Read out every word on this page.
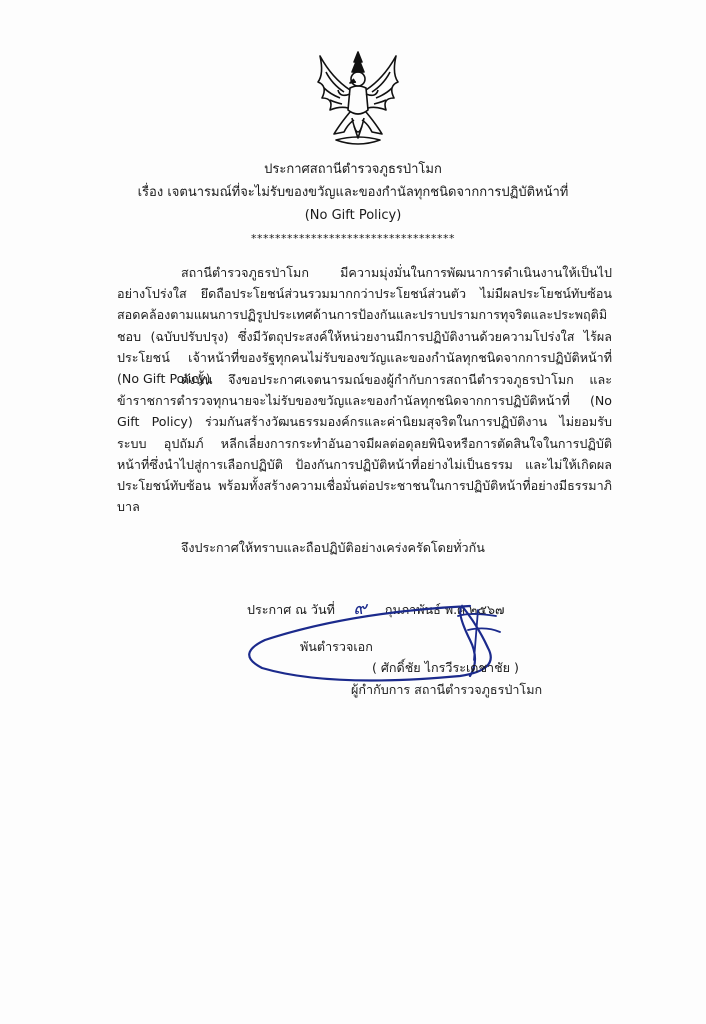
ประกาศสถานีตำรวจภูธรป่าโมก
เรื่อง เจตนารมณ์ที่จะไม่รับของขวัญและของกำนัลทุกชนิดจากการปฏิบัติหน้าที่
(No Gift Policy)
**********************************
สถานีตำรวจภูธรป่าโมก มีความมุ่งมั่นในการพัฒนาการดำเนินงานให้เป็นไปอย่างโปร่งใส ยึดถือประโยชน์ส่วนรวมมากกว่าประโยชน์ส่วนตัว ไม่มีผลประโยชน์ทับซ้อน สอดคล้องตามแผนการปฏิรูปประเทศด้านการป้องกันและปราบปรามการทุจริตและประพฤติมิชอบ (ฉบับปรับปรุง) ซึ่งมีวัตถุประสงค์ให้หน่วยงานมีการปฏิบัติงานด้วยความโปร่งใส ไร้ผลประโยชน์ เจ้าหน้าที่ของรัฐทุกคนไม่รับของขวัญและของกำนัลทุกชนิดจากการปฏิบัติหน้าที่ (No Gift Policy)
ดังนั้น จึงขอประกาศเจตนารมณ์ของผู้กำกับการสถานีตำรวจภูธรป่าโมก และข้าราชการตำรวจทุกนายจะไม่รับของขวัญและของกำนัลทุกชนิดจากการปฏิบัติหน้าที่ (No Gift Policy) ร่วมกันสร้างวัฒนธรรมองค์กรและค่านิยมสุจริตในการปฏิบัติงาน ไม่ยอมรับระบบ อุปถัมภ์ หลีกเลี่ยงการกระทำอันอาจมีผลต่อดุลยพินิจหรือการตัดสินใจในการปฏิบัติหน้าที่ซึ่งนำไปสู่การเลือกปฏิบัติ ป้องกันการปฏิบัติหน้าที่อย่างไม่เป็นธรรม และไม่ให้เกิดผลประโยชน์ทับซ้อน พร้อมทั้งสร้างความเชื่อมั่นต่อประชาชนในการปฏิบัติหน้าที่อย่างมีธรรมาภิบาล
จึงประกาศให้ทราบและถือปฏิบัติอย่างเคร่งครัดโดยทั่วกัน
ประกาศ ณ วันที่ ๙ กุมภาพันธ์ พ.ศ.๒๕๖๗
พันตำรวจเอก
( ศักดิ์ชัย ไกรวีระเดชาชัย )
ผู้กำกับการ สถานีตำรวจภูธรป่าโมก
